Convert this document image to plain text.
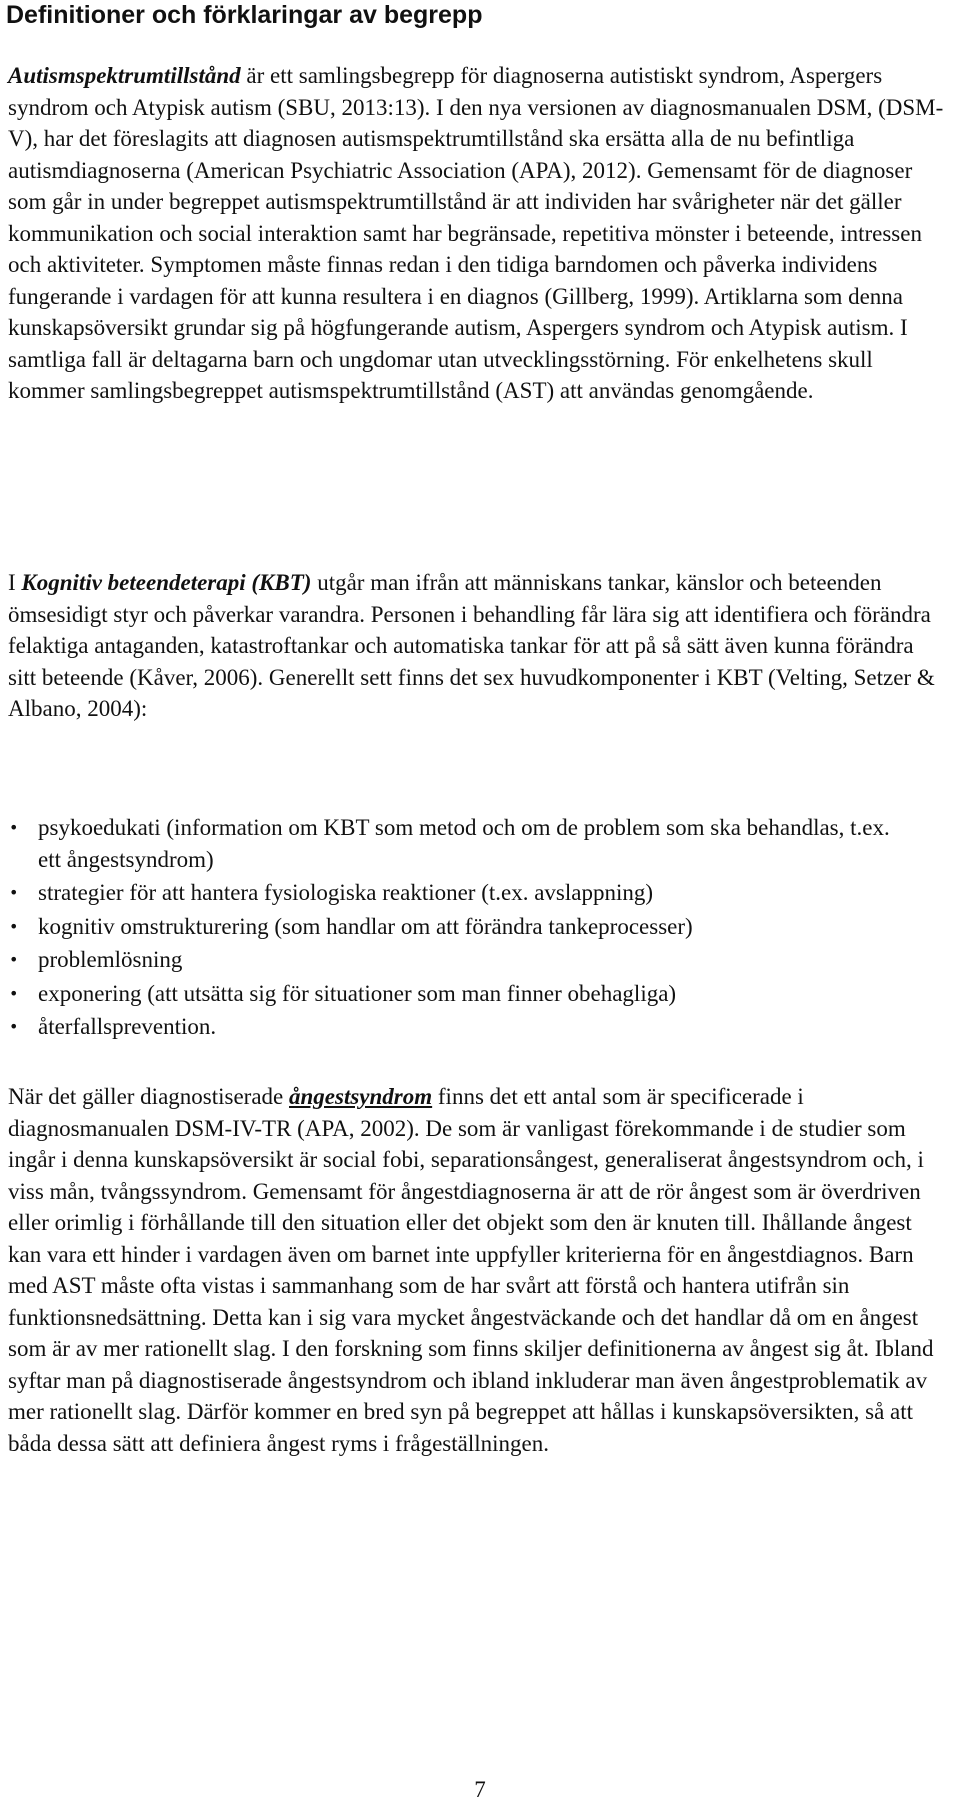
Definitioner och förklaringar av begrepp

Autismspektrumtillstånd är ett samlingsbegrepp för diagnoserna autistiskt syndrom, Aspergers syndrom och Atypisk autism (SBU, 2013:13). I den nya versionen av diagnosmanualen DSM, (DSM-V), har det föreslagits att diagnosen autismspektrumtillstånd ska ersätta alla de nu befintliga autismdiagnoserna (American Psychiatric Association (APA), 2012). Gemensamt för de diagnoser som går in under begreppet autismspektrumtillstånd är att individen har svårigheter när det gäller kommunikation och social interaktion samt har begränsade, repetitiva mönster i beteende, intressen och aktiviteter. Symptomen måste finnas redan i den tidiga barndomen och påverka individens fungerande i vardagen för att kunna resultera i en diagnos (Gillberg, 1999). Artiklarna som denna kunskapsöversikt grundar sig på högfungerande autism, Aspergers syndrom och Atypisk autism. I samtliga fall är deltagarna barn och ungdomar utan utvecklingsstörning. För enkelhetens skull kommer samlingsbegreppet autismspektrumtillstånd (AST) att användas genomgående.

I Kognitiv beteendeterapi (KBT) utgår man ifrån att människans tankar, känslor och beteenden ömsesidigt styr och påverkar varandra. Personen i behandling får lära sig att identifiera och förändra felaktiga antaganden, katastroftankar och automatiska tankar för att på så sätt även kunna förändra sitt beteende (Kåver, 2006). Generellt sett finns det sex huvudkomponenter i KBT (Velting, Setzer & Albano, 2004):

• psykoedukati (information om KBT som metod och om de problem som ska behandlas, t.ex. ett ångestsyndrom)
• strategier för att hantera fysiologiska reaktioner (t.ex. avslappning)
• kognitiv omstrukturering (som handlar om att förändra tankeprocesser)
• problemlösning
• exponering (att utsätta sig för situationer som man finner obehagliga)
• återfallsprevention.

När det gäller diagnostiserade ångestsyndrom finns det ett antal som är specificerade i diagnosmanualen DSM-IV-TR (APA, 2002). De som är vanligast förekommande i de studier som ingår i denna kunskapsöversikt är social fobi, separationsångest, generaliserat ångestsyndrom och, i viss mån, tvångssyndrom. Gemensamt för ångestdiagnoserna är att de rör ångest som är överdriven eller orimlig i förhållande till den situation eller det objekt som den är knuten till. Ihållande ångest kan vara ett hinder i vardagen även om barnet inte uppfyller kriterierna för en ångestdiagnos. Barn med AST måste ofta vistas i sammanhang som de har svårt att förstå och hantera utifrån sin funktionsnedsättning. Detta kan i sig vara mycket ångestväckande och det handlar då om en ångest som är av mer rationellt slag. I den forskning som finns skiljer definitionerna av ångest sig åt. Ibland syftar man på diagnostiserade ångestsyndrom och ibland inkluderar man även ångestproblematik av mer rationellt slag. Därför kommer en bred syn på begreppet att hållas i kunskapsöversikten, så att båda dessa sätt att definiera ångest ryms i frågeställningen.

7
